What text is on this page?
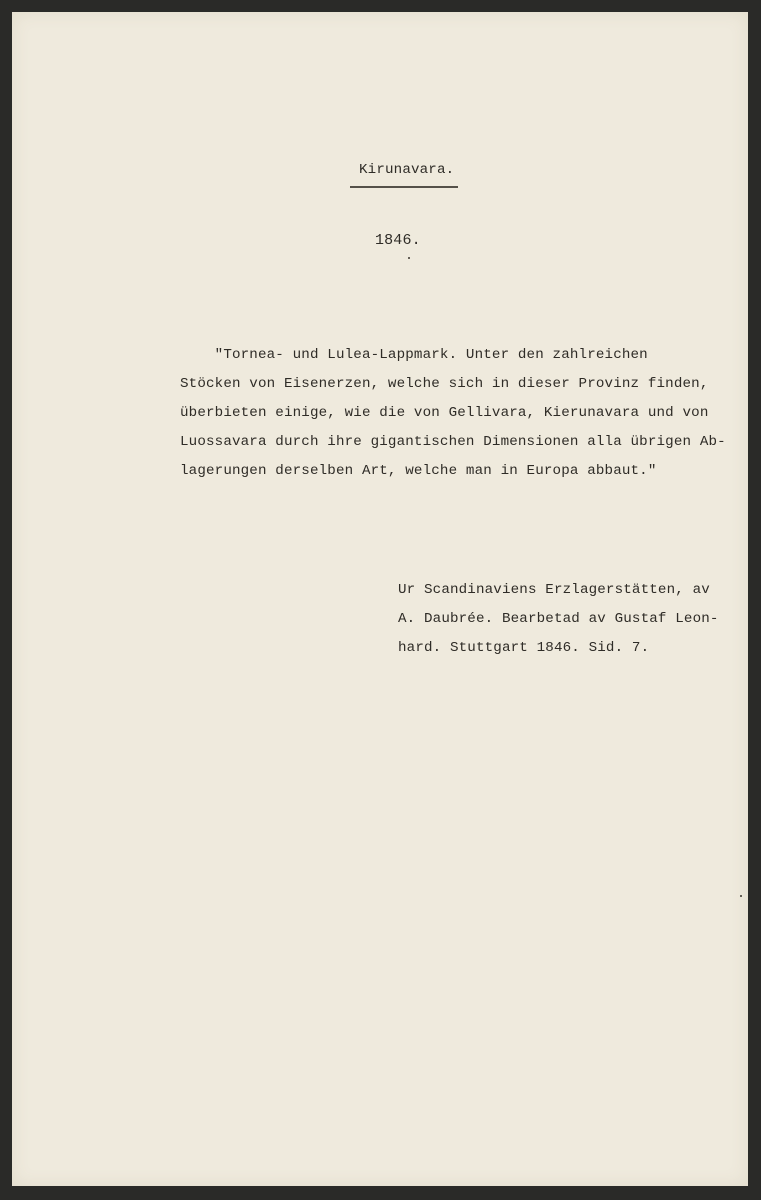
Kirunavara.
1846.
"Tornea- und Lulea-Lappmark. Unter den zahlreichen
Stöcken von Eisenerzen, welche sich in dieser Provinz finden,
überbieten einige, wie die von Gellivara, Kierunavara und von
Luossavara durch ihre gigantischen Dimensionen alla übrigen Ab-
lagerungen derselben Art, welche man in Europa abbaut."
Ur Scandinaviens Erzlagerstätten, av
A. Daubrée. Bearbetad av Gustaf Leon-
hard. Stuttgart 1846. Sid. 7.
